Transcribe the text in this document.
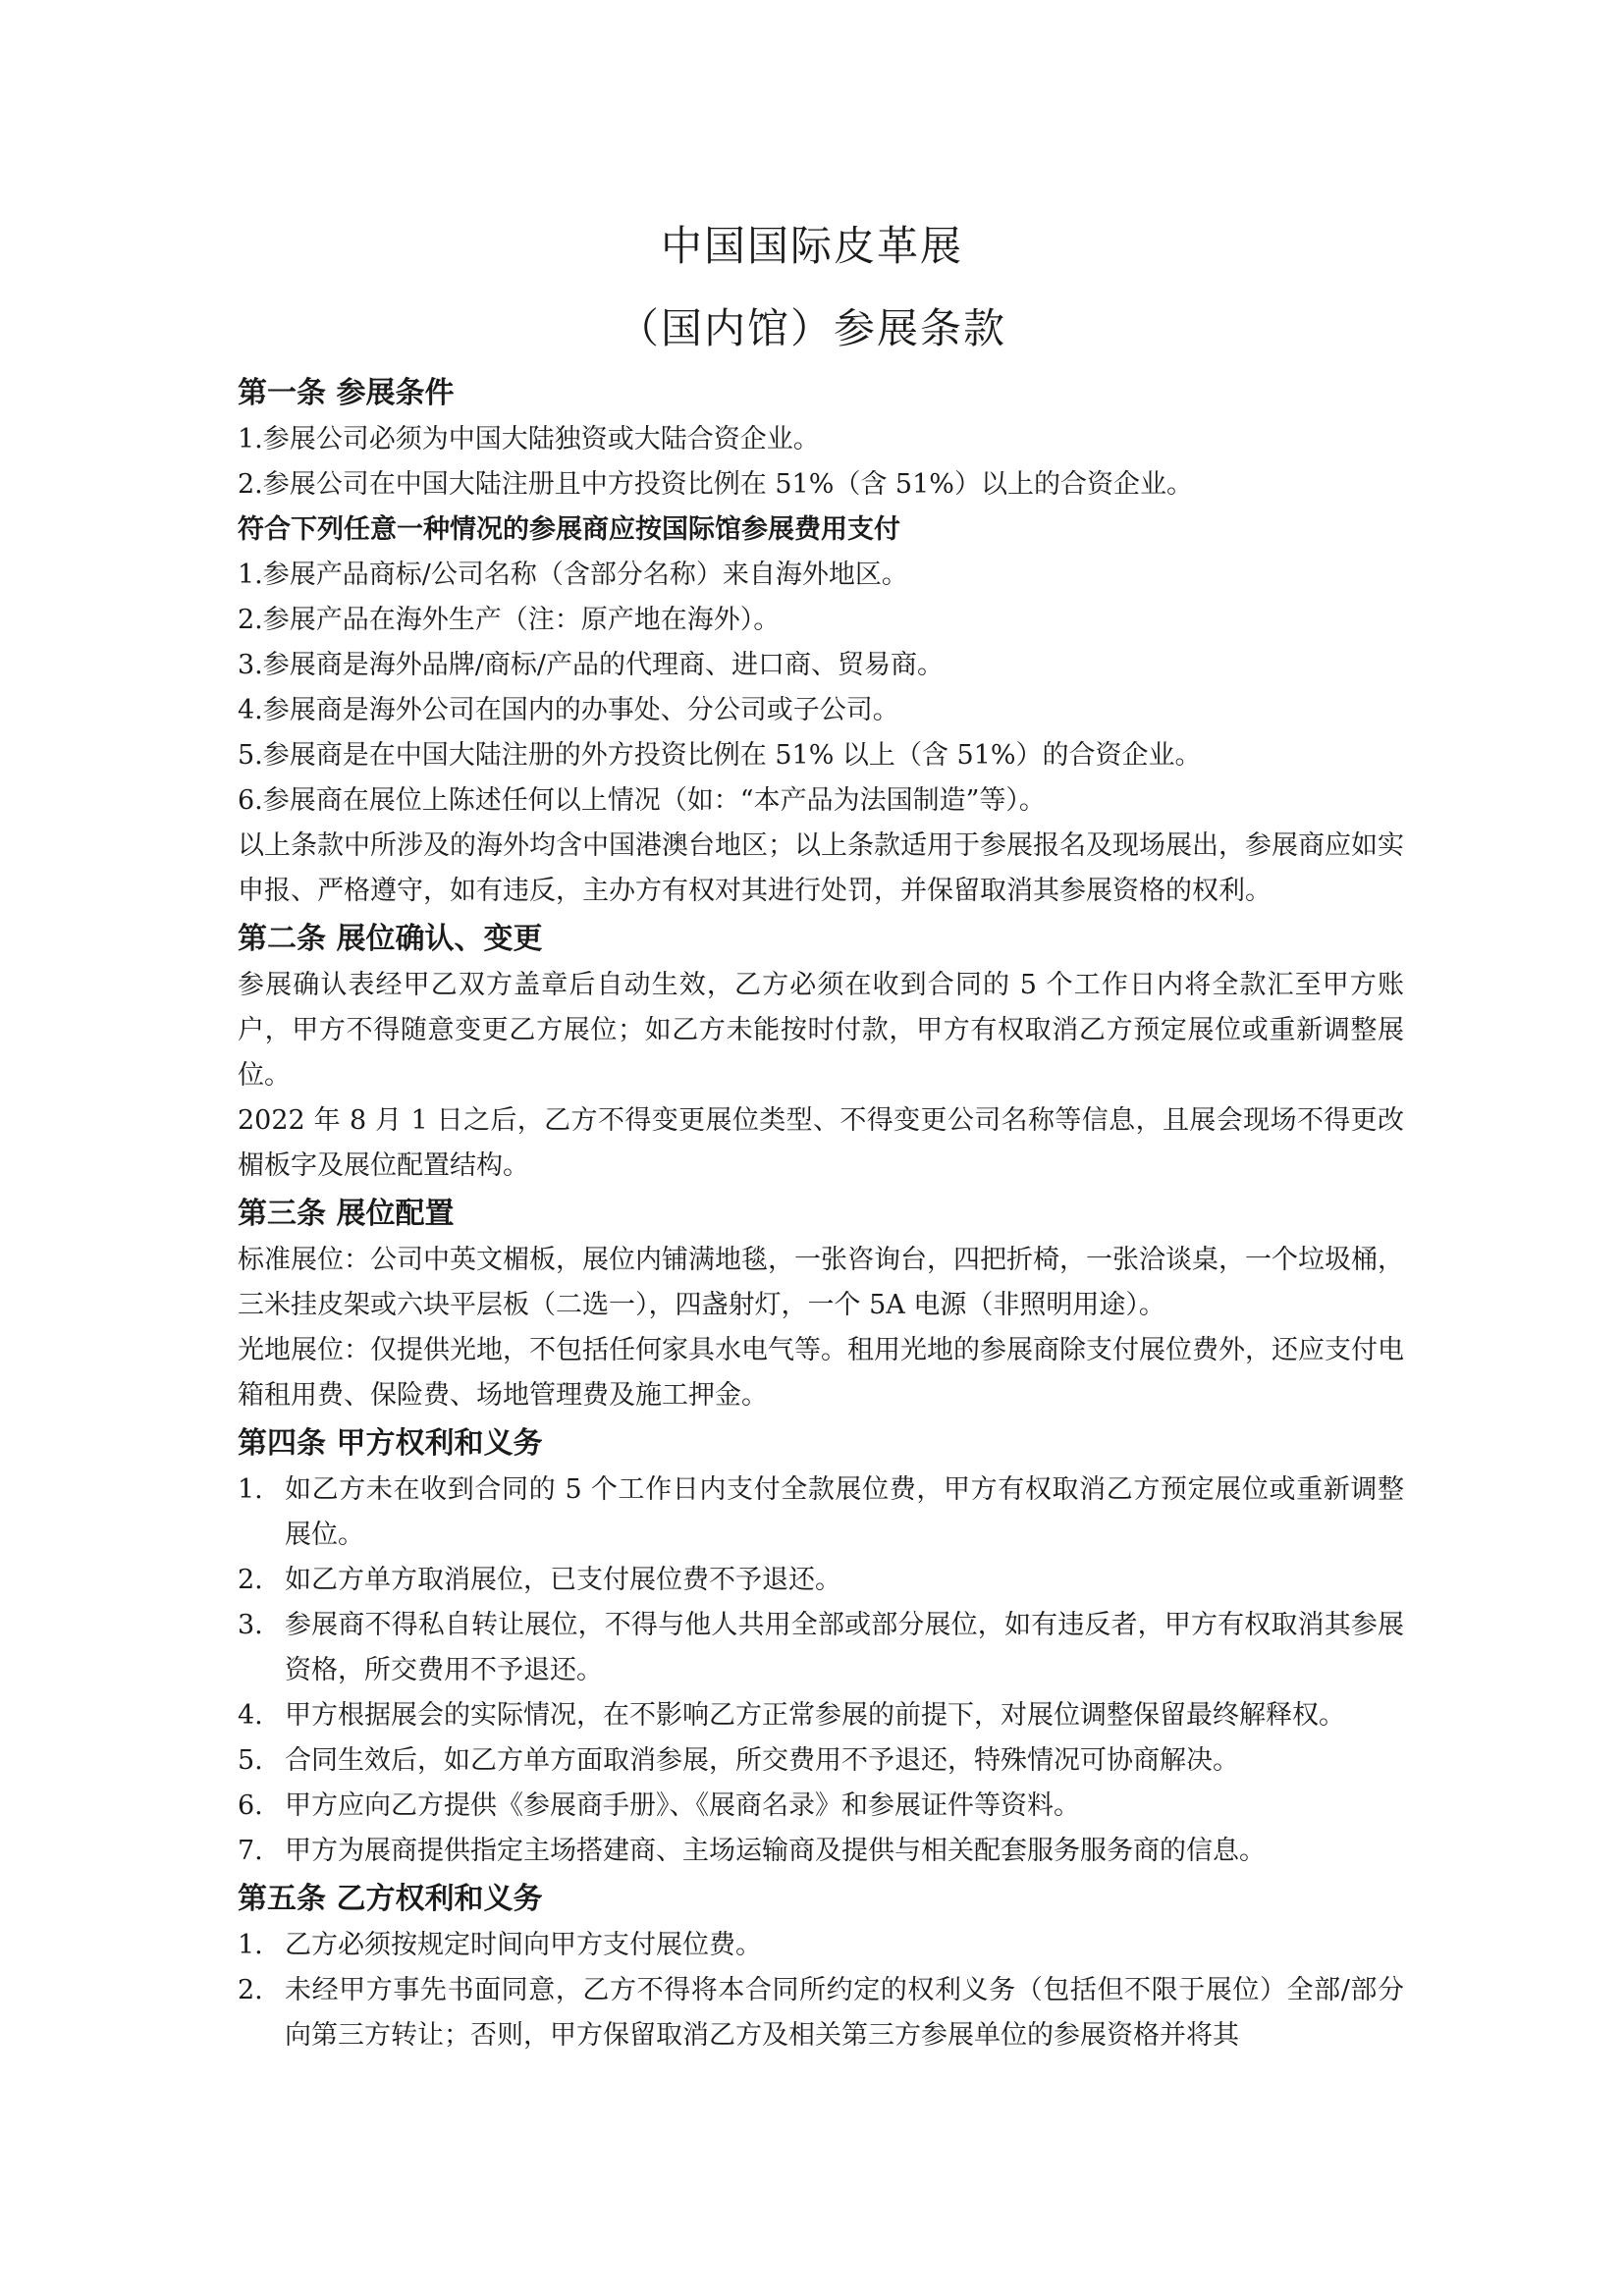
中国国际皮革展
（国内馆）参展条款
第一条 参展条件
1.参展公司必须为中国大陆独资或大陆合资企业。
2.参展公司在中国大陆注册且中方投资比例在 51%（含 51%）以上的合资企业。
符合下列任意一种情况的参展商应按国际馆参展费用支付
1.参展产品商标/公司名称（含部分名称）来自海外地区。
2.参展产品在海外生产（注：原产地在海外）。
3.参展商是海外品牌/商标/产品的代理商、进口商、贸易商。
4.参展商是海外公司在国内的办事处、分公司或子公司。
5.参展商是在中国大陆注册的外方投资比例在 51% 以上（含 51%）的合资企业。
6.参展商在展位上陈述任何以上情况（如：“本产品为法国制造”等）。
以上条款中所涉及的海外均含中国港澳台地区；以上条款适用于参展报名及现场展出，参展商应如实申报、严格遵守，如有违反，主办方有权对其进行处罚，并保留取消其参展资格的权利。
第二条 展位确认、变更
参展确认表经甲乙双方盖章后自动生效，乙方必须在收到合同的 5 个工作日内将全款汇至甲方账户，甲方不得随意变更乙方展位；如乙方未能按时付款，甲方有权取消乙方预定展位或重新调整展位。
2022 年 8 月 1 日之后，乙方不得变更展位类型、不得变更公司名称等信息，且展会现场不得更改楣板字及展位配置结构。
第三条 展位配置
标准展位：公司中英文楣板，展位内铺满地毯，一张咨询台，四把折椅，一张洽谈桌，一个垃圾桶，三米挂皮架或六块平层板（二选一），四盏射灯，一个 5A 电源（非照明用途）。
光地展位：仅提供光地，不包括任何家具水电气等。租用光地的参展商除支付展位费外，还应支付电箱租用费、保险费、场地管理费及施工押金。
第四条 甲方权利和义务
1. 如乙方未在收到合同的 5 个工作日内支付全款展位费，甲方有权取消乙方预定展位或重新调整展位。
2. 如乙方单方取消展位，已支付展位费不予退还。
3. 参展商不得私自转让展位，不得与他人共用全部或部分展位，如有违反者，甲方有权取消其参展资格，所交费用不予退还。
4. 甲方根据展会的实际情况，在不影响乙方正常参展的前提下，对展位调整保留最终解释权。
5. 合同生效后，如乙方单方面取消参展，所交费用不予退还，特殊情况可协商解决。
6. 甲方应向乙方提供《参展商手册》、《展商名录》和参展证件等资料。
7. 甲方为展商提供指定主场搭建商、主场运输商及提供与相关配套服务服务商的信息。
第五条 乙方权利和义务
1. 乙方必须按规定时间向甲方支付展位费。
2. 未经甲方事先书面同意，乙方不得将本合同所约定的权利义务（包括但不限于展位）全部/部分向第三方转让；否则，甲方保留取消乙方及相关第三方参展单位的参展资格并将其
